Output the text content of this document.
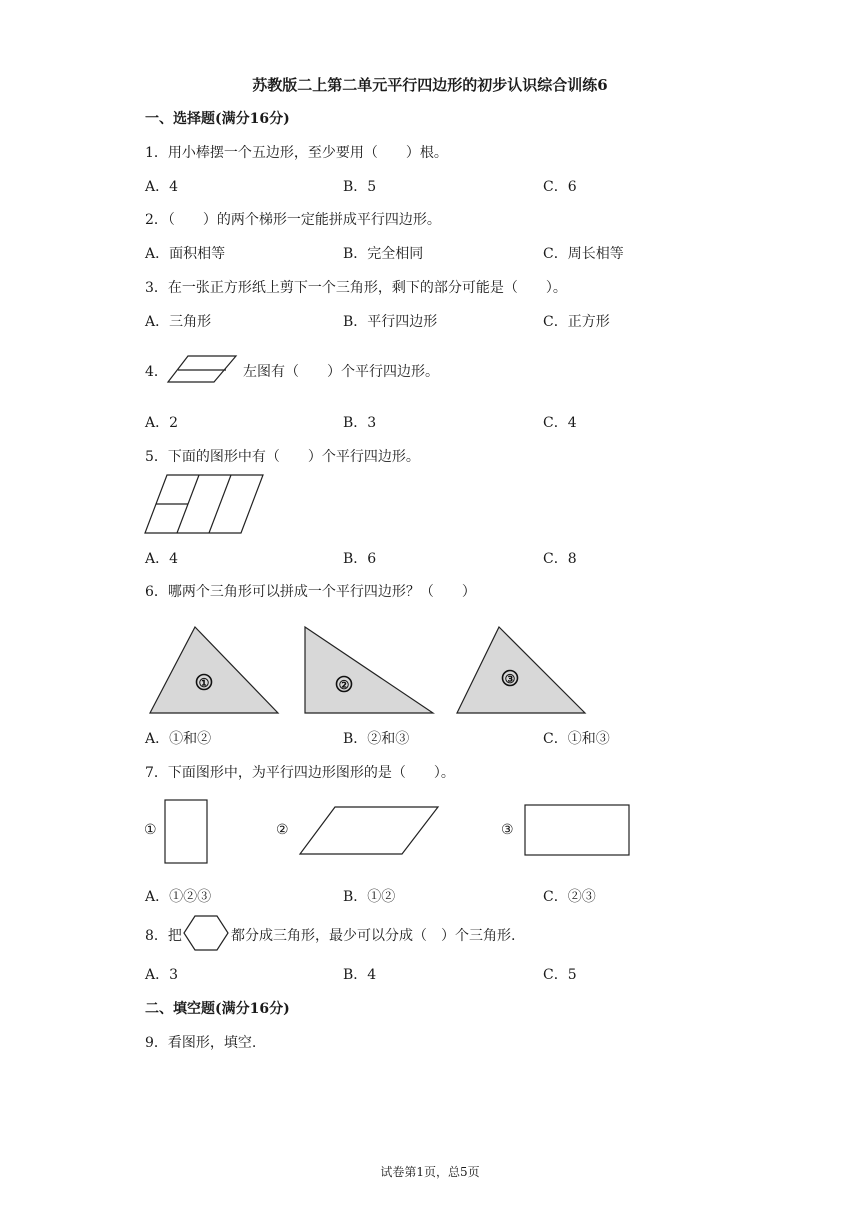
苏教版二上第二单元平行四边形的初步认识综合训练6
一、选择题(满分16分)
1．用小棒摆一个五边形，至少要用（　　）根。
A．4	B．5	C．6
2．（　　）的两个梯形一定能拼成平行四边形。
A．面积相等	B．完全相同	C．周长相等
3．在一张正方形纸上剪下一个三角形，剩下的部分可能是（　　）。
A．三角形	B．平行四边形	C．正方形
4．	左图有（　　）个平行四边形。
A．2	B．3	C．4
5．下面的图形中有（　　）个平行四边形。
A．4	B．6	C．8
6．哪两个三角形可以拼成一个平行四边形？（　　）
①	②	③
A．①和②	B．②和③	C．①和③
7．下面图形中，为平行四边形图形的是（　　）。
①	②	③
A．①②③	B．①②	C．②③
8．把	都分成三角形，最少可以分成（　）个三角形.
A．3	B．4	C．5
二、填空题(满分16分)
9．看图形，填空.
试卷第1页，总5页
